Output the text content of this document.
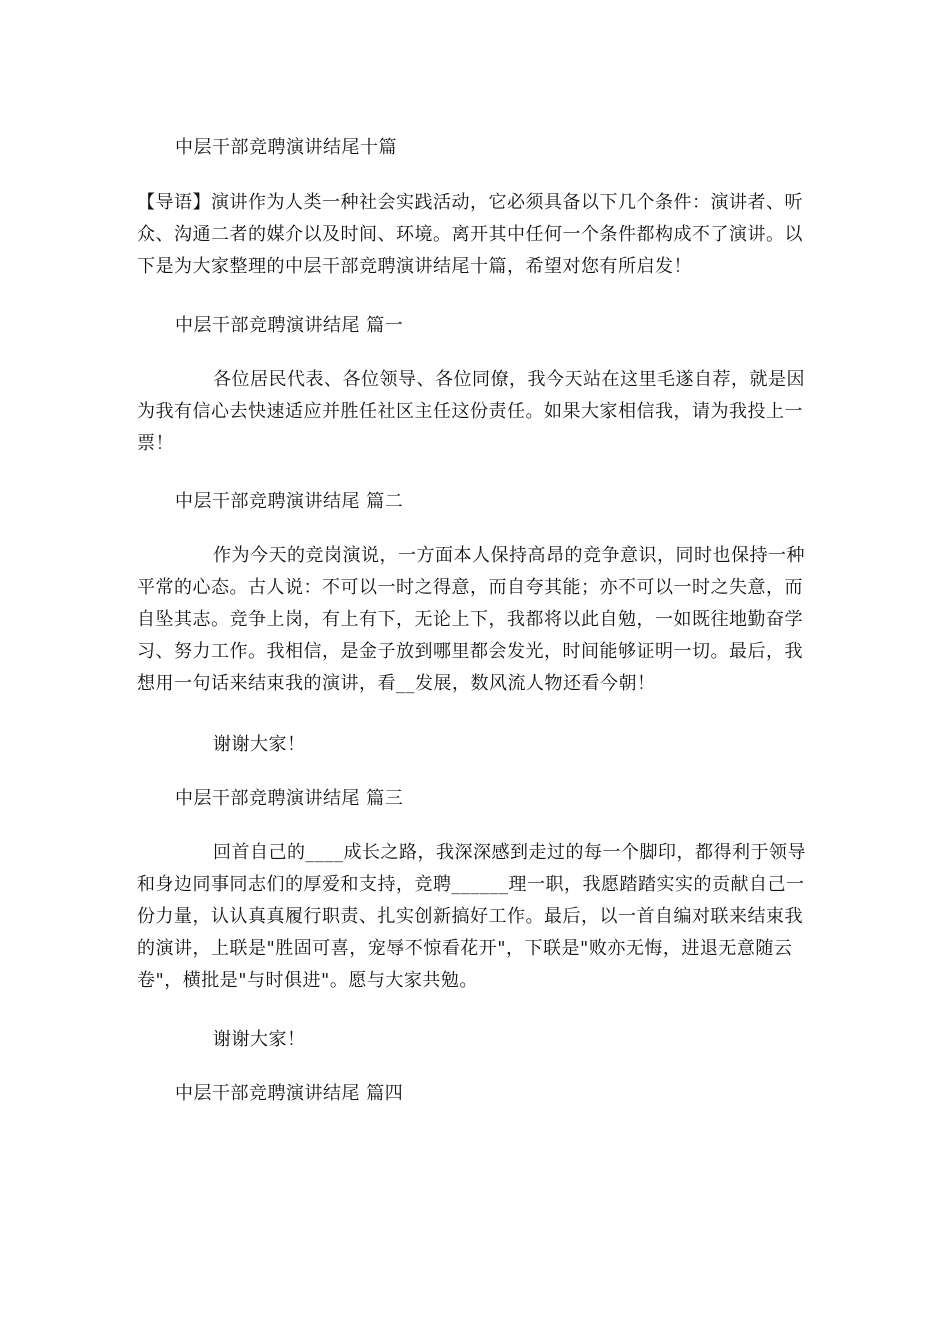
中层干部竞聘演讲结尾十篇

【导语】演讲作为人类一种社会实践活动，它必须具备以下几个条件：演讲者、听众、沟通二者的媒介以及时间、环境。离开其中任何一个条件都构成不了演讲。以下是为大家整理的中层干部竞聘演讲结尾十篇，希望对您有所启发！

中层干部竞聘演讲结尾 篇一

各位居民代表、各位领导、各位同僚，我今天站在这里毛遂自荐，就是因为我有信心去快速适应并胜任社区主任这份责任。如果大家相信我，请为我投上一票！

中层干部竞聘演讲结尾 篇二

作为今天的竞岗演说，一方面本人保持高昂的竞争意识，同时也保持一种平常的心态。古人说：不可以一时之得意，而自夸其能；亦不可以一时之失意，而自坠其志。竞争上岗，有上有下，无论上下，我都将以此自勉，一如既往地勤奋学习、努力工作。我相信，是金子放到哪里都会发光，时间能够证明一切。最后，我想用一句话来结束我的演讲，看__发展，数风流人物还看今朝！

谢谢大家！

中层干部竞聘演讲结尾 篇三

回首自己的____成长之路，我深深感到走过的每一个脚印，都得利于领导和身边同事同志们的厚爱和支持，竞聘______理一职，我愿踏踏实实的贡献自己一份力量，认认真真履行职责、扎实创新搞好工作。最后，以一首自编对联来结束我的演讲，上联是"胜固可喜，宠辱不惊看花开"，下联是"败亦无悔，进退无意随云卷"，横批是"与时俱进"。愿与大家共勉。

谢谢大家！

中层干部竞聘演讲结尾 篇四
